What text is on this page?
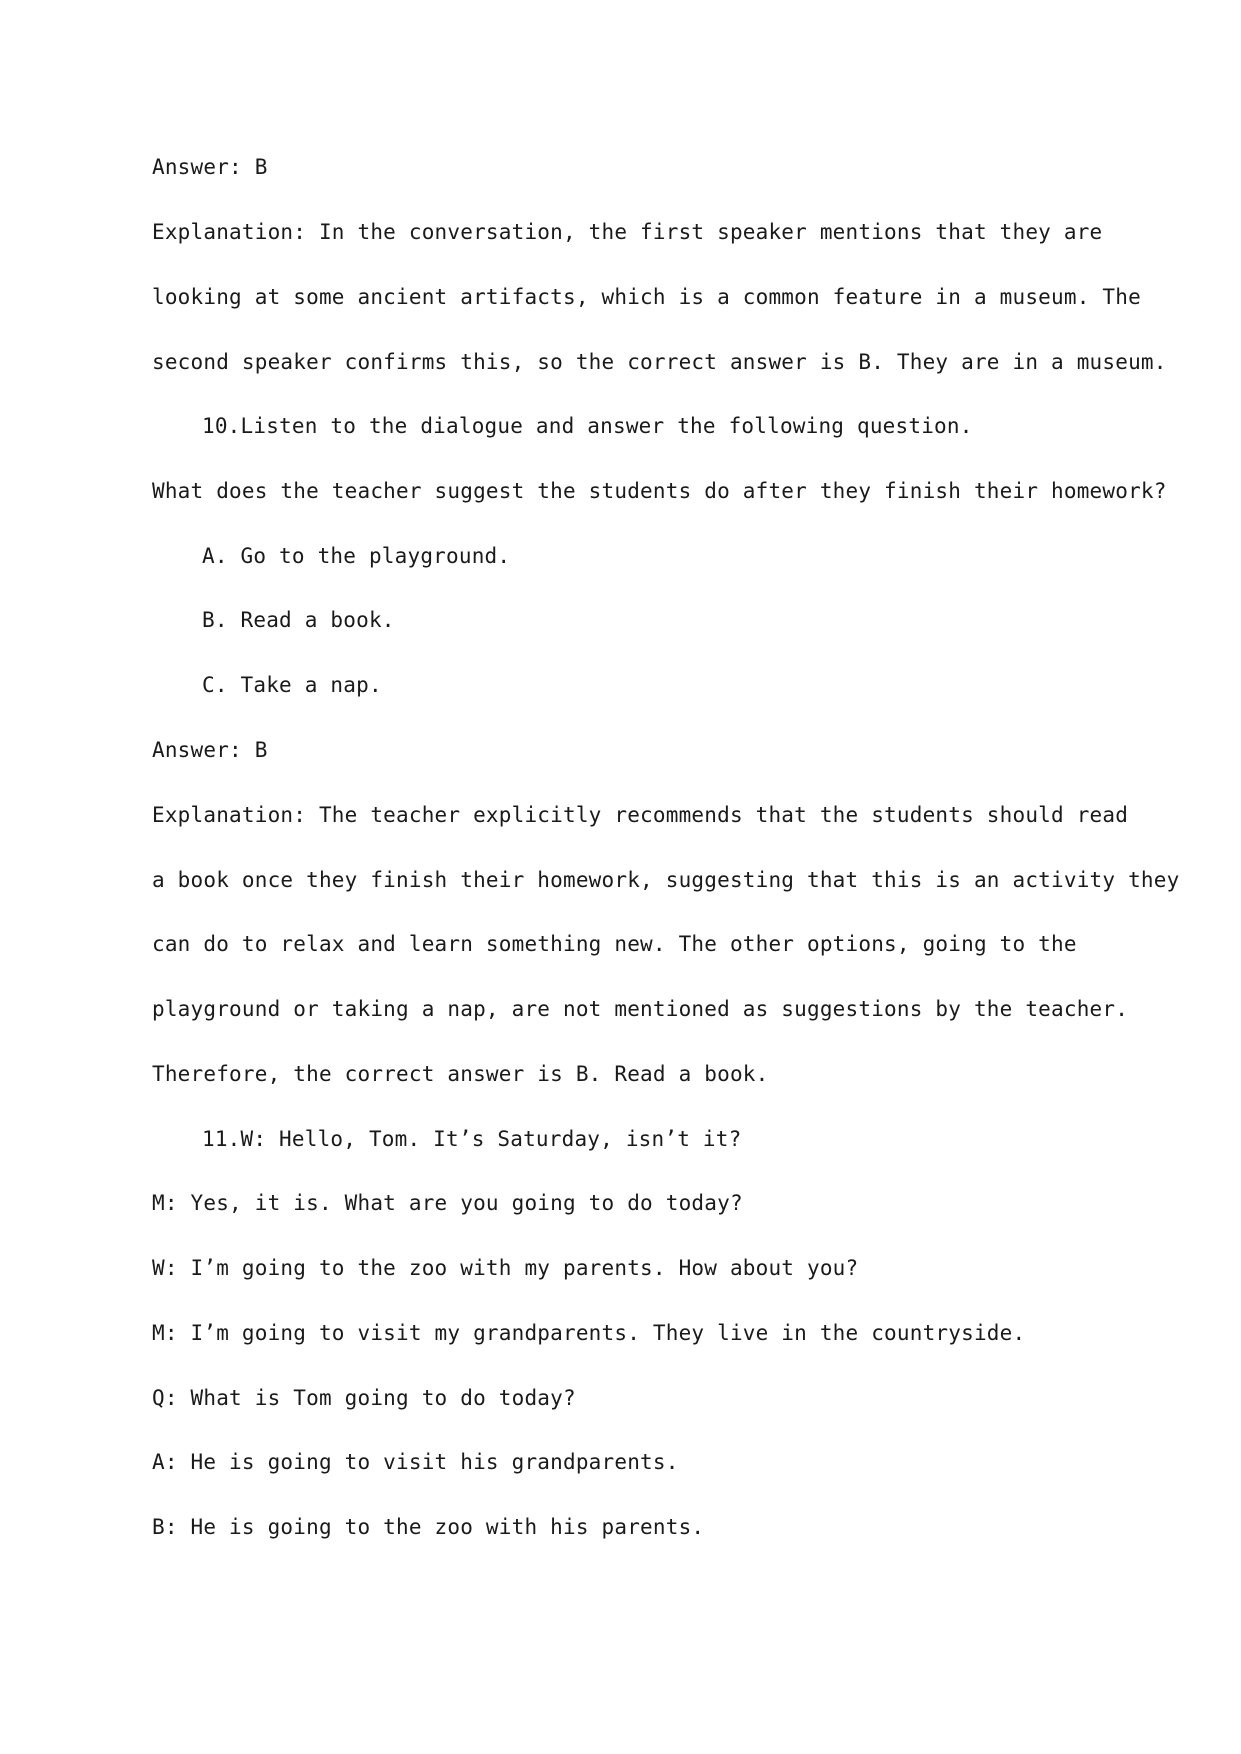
Answer: B
Explanation: In the conversation, the first speaker mentions that they are
looking at some ancient artifacts, which is a common feature in a museum. The
second speaker confirms this, so the correct answer is B. They are in a museum.
10.Listen to the dialogue and answer the following question.
What does the teacher suggest the students do after they finish their homework?
A. Go to the playground.
B. Read a book.
C. Take a nap.
Answer: B
Explanation: The teacher explicitly recommends that the students should read
a book once they finish their homework, suggesting that this is an activity they
can do to relax and learn something new. The other options, going to the
playground or taking a nap, are not mentioned as suggestions by the teacher.
Therefore, the correct answer is B. Read a book.
11.W: Hello, Tom. It’s Saturday, isn’t it?
M: Yes, it is. What are you going to do today?
W: I’m going to the zoo with my parents. How about you?
M: I’m going to visit my grandparents. They live in the countryside.
Q: What is Tom going to do today?
A: He is going to visit his grandparents.
B: He is going to the zoo with his parents.
